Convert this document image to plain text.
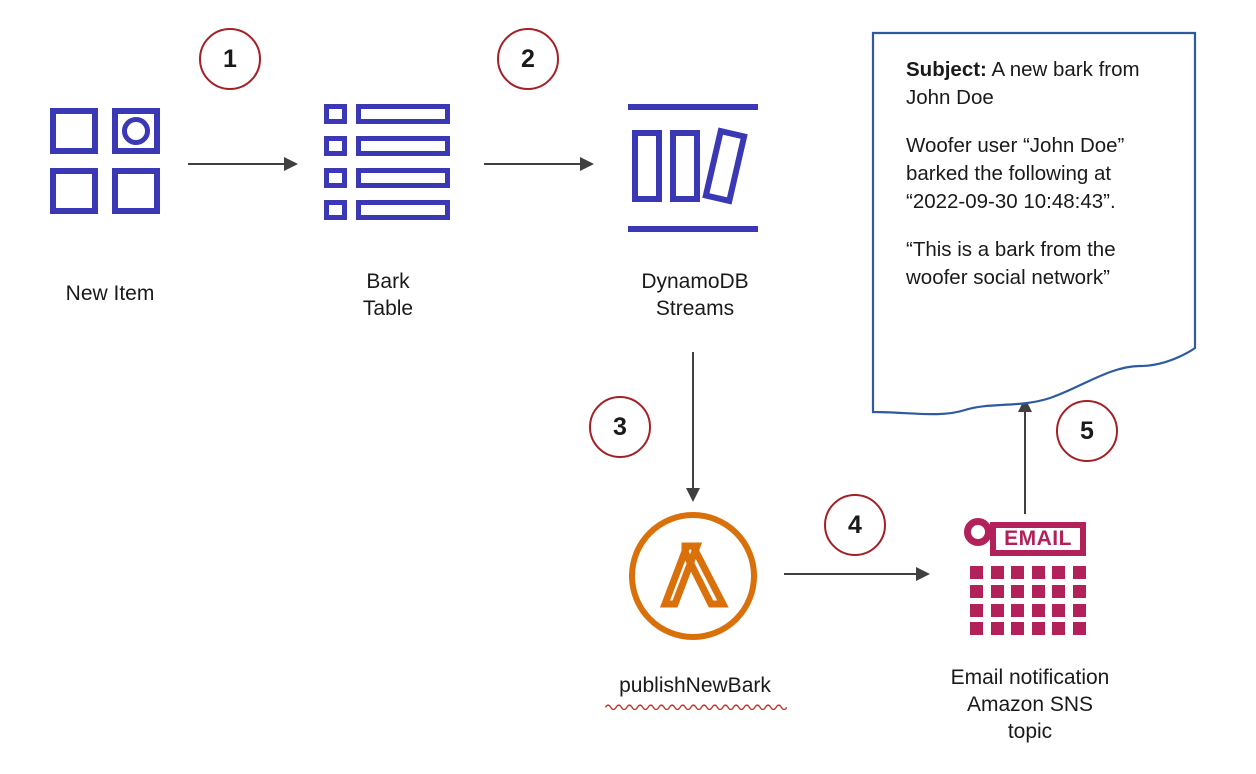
New Item
1
Bark
Table
2
DynamoDB
Streams
3
publishNewBark
4	EMAIL
Email notification
Amazon SNS
topic
5

Subject: A new bark from John Doe

Woofer user “John Doe” barked the following at “2022-09-30 10:48:43”.

“This is a bark from the woofer social network”
